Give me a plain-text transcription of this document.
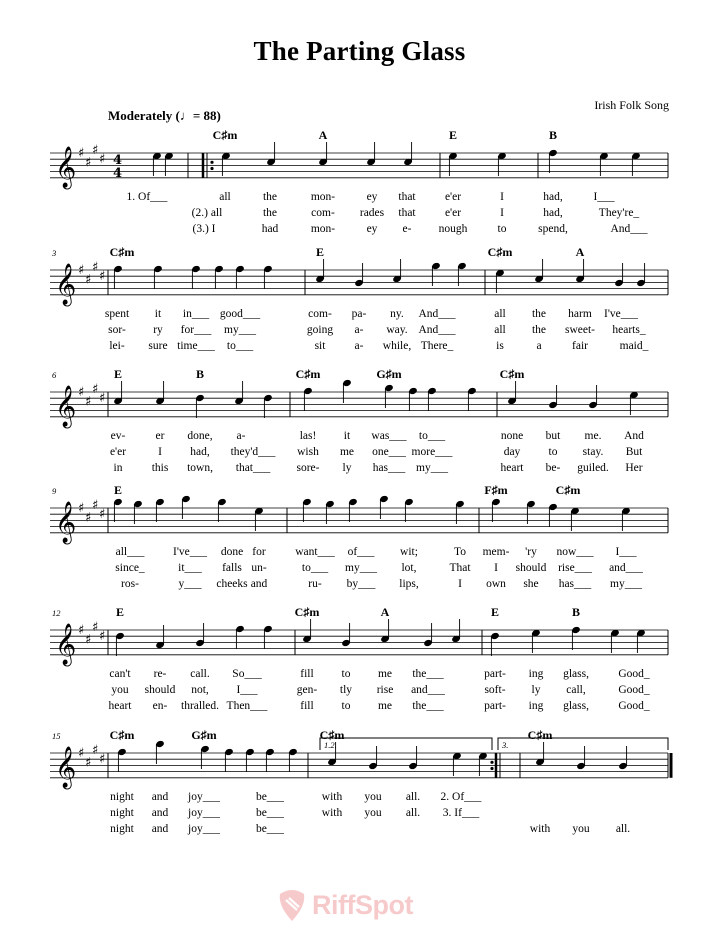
The Parting Glass
Irish Folk Song
Moderately (♩= 88)
1.2.	3.
𝄞 ♯
♯
♯
♯ 4
4
C♯m	A	E	B
1. Of___	all	the	mon-	ey that	e'er	I	had,	I___
(2.) all	the	com- rades that	e'er	I	had,	They're_
(3.) I	had	mon-	ey e- nough	to	spend,	And___
𝄞 ♯
♯
♯
♯
3	C♯m	E	C♯m	A
spent it in___ good___	com- pa- ny. And___	all the harm I've___
sor- ry for___ my___	going a- way. And___	all the sweet- hearts_
lei- sure time___ to___	sit	a- while, There_	is	a	fair	maid_
𝄞 ♯
♯
♯
♯
6	E	B	C♯m	G♯m	C♯m
ev-	er done, a-	las! it was___ to___	none but me. And
e'er	I had, they'd___ wish me one___ more___	day to stay. But
in	this town, that___ sore- ly has___ my___	heart be- guiled. Her
𝄞 ♯
♯
♯
♯
9	E	F♯m	C♯m
all___ I've___ done for	want___ of___ wit;	To mem- 'ry now___ I___
since_	it___ falls un-	to___ my___ lot,	That I should rise___ and___
ros-	y___ cheeks and	ru- by___ lips,	I own she has___ my___
𝄞 ♯
♯
♯
♯
12	E	C♯m	A	E	B
can't re- call. So___	fill to me the___	part- ing glass,	Good_
you should not, I___	gen- tly rise and___	soft- ly call,	Good_
heart en- thralled. Then___	fill to me the___	part- ing glass,	Good_
𝄞 ♯
♯
♯
♯
15	C♯m	G♯m	C♯m	C♯m
night and joy___	be___	with you all. 2. Of___
night and joy___	be___	with you all. 3. If___
night and joy___	be___	with you all.
RiffSpot
